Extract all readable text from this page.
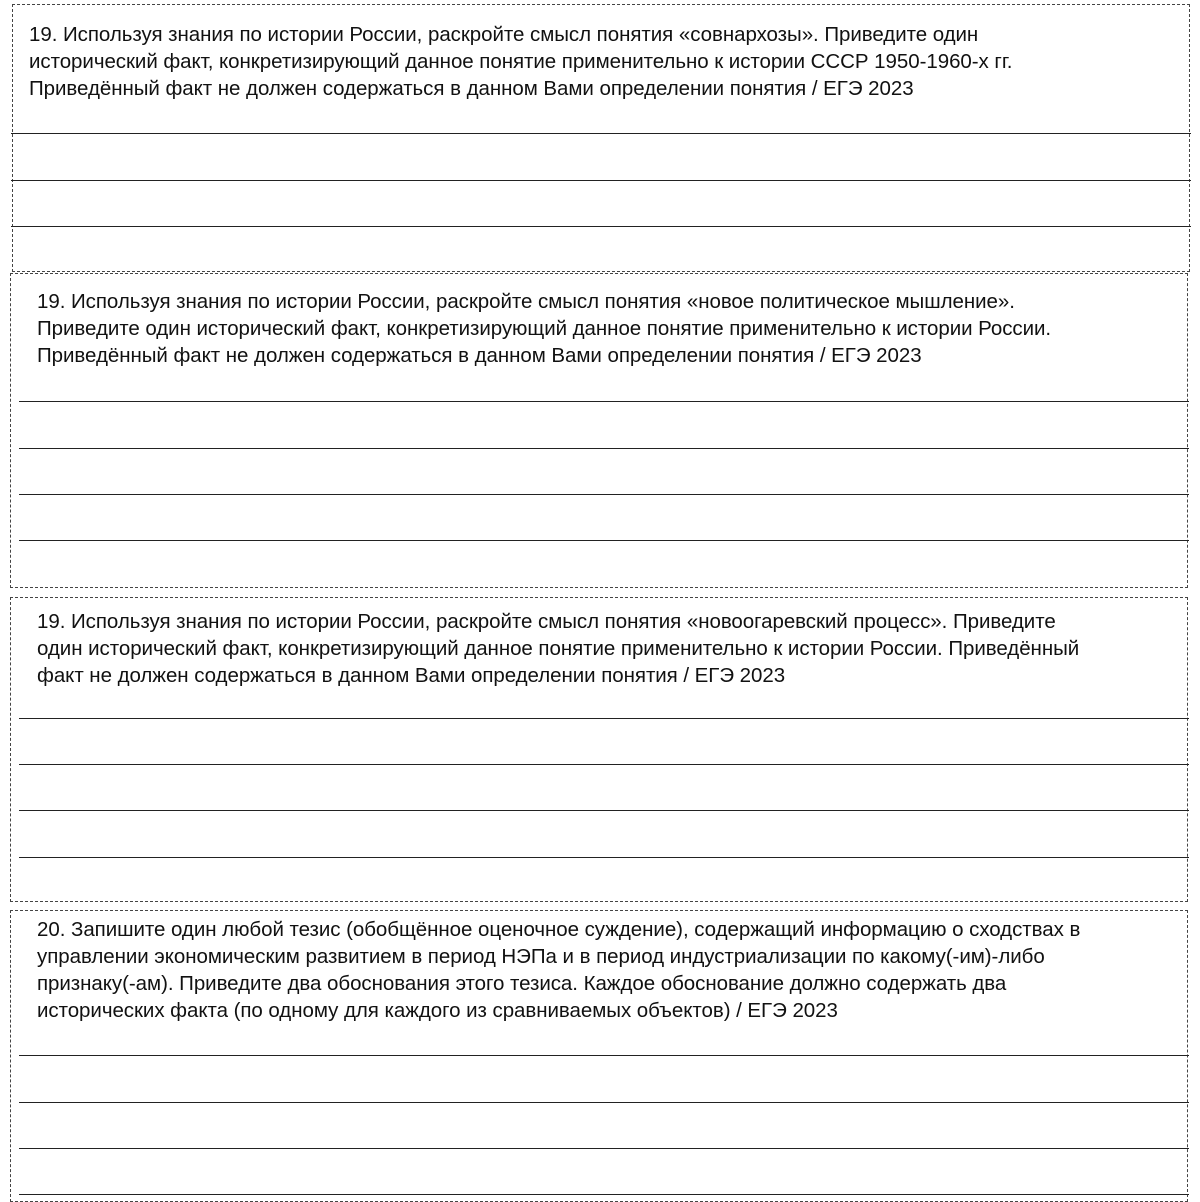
19. Используя знания по истории России, раскройте смысл понятия «совнархозы». Приведите один
исторический факт, конкретизирующий данное понятие применительно к истории СССР 1950-1960-х гг.
Приведённый факт не должен содержаться в данном Вами определении понятия / ЕГЭ 2023

19. Используя знания по истории России, раскройте смысл понятия «новое политическое мышление».
Приведите один исторический факт, конкретизирующий данное понятие применительно к истории России.
Приведённый факт не должен содержаться в данном Вами определении понятия / ЕГЭ 2023

19. Используя знания по истории России, раскройте смысл понятия «новоогаревский процесс». Приведите
один исторический факт, конкретизирующий данное понятие применительно к истории России. Приведённый
факт не должен содержаться в данном Вами определении понятия / ЕГЭ 2023

20. Запишите один любой тезис (обобщённое оценочное суждение), содержащий информацию о сходствах в
управлении экономическим развитием в период НЭПа и в период индустриализации по какому(-им)-либо
признаку(-ам). Приведите два обоснования этого тезиса. Каждое обоснование должно содержать два
исторических факта (по одному для каждого из сравниваемых объектов) / ЕГЭ 2023
